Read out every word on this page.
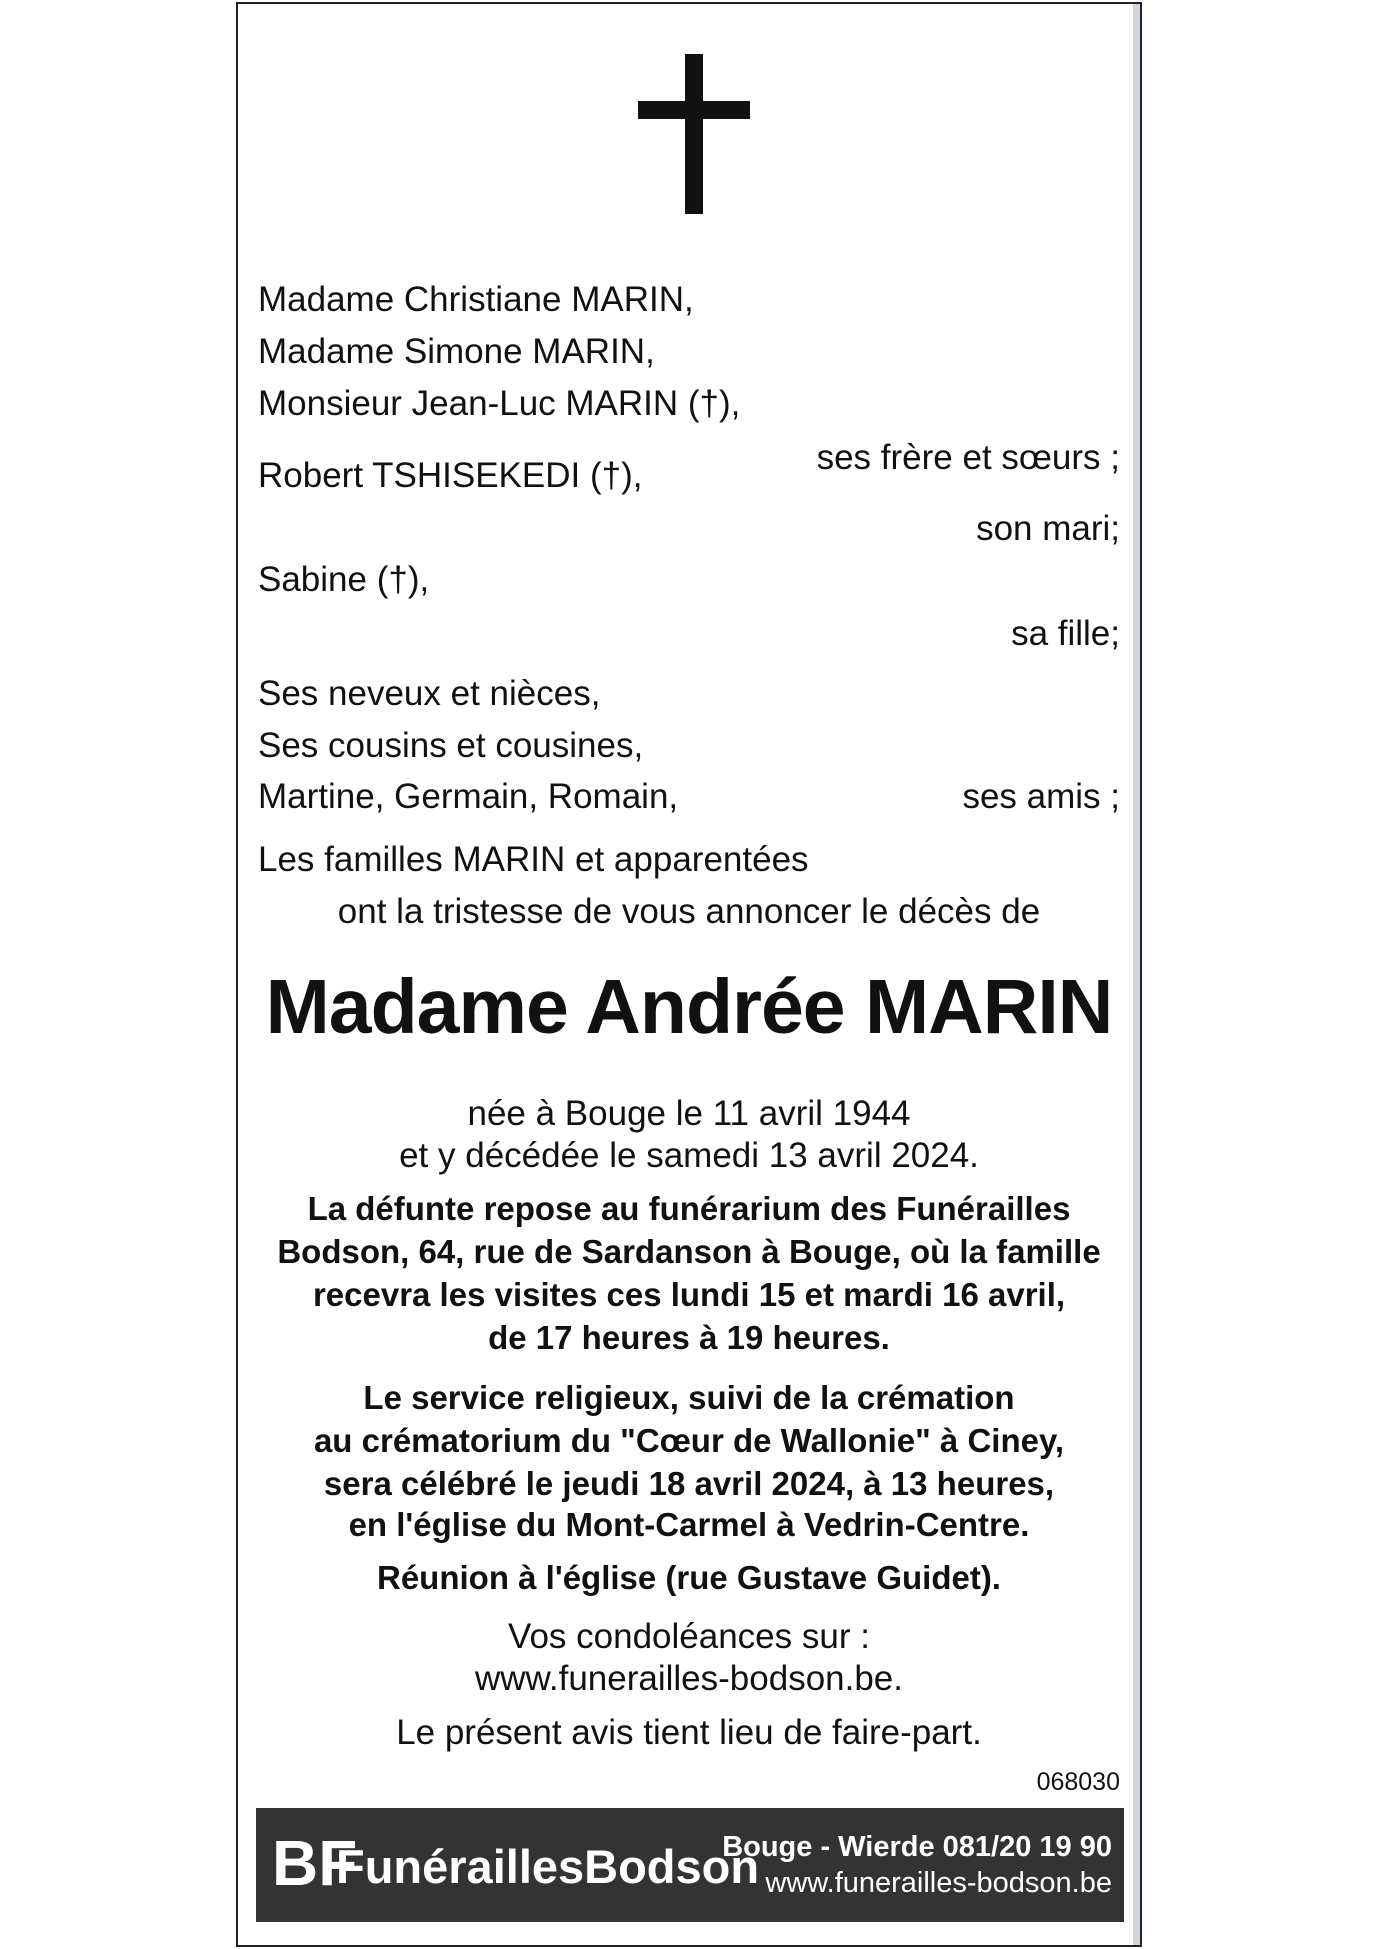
Madame Christiane MARIN,
Madame Simone MARIN,
Monsieur Jean-Luc MARIN (†),
ses frère et sœurs ;
Robert TSHISEKEDI (†),
son mari;
Sabine (†),
sa fille;
Ses neveux et nièces,
Ses cousins et cousines,
Martine, Germain, Romain,	ses amis ;
Les familles MARIN et apparentées
ont la tristesse de vous annoncer le décès de
Madame Andrée MARIN
née à Bouge le 11 avril 1944
et y décédée le samedi 13 avril 2024.
La défunte repose au funérarium des Funérailles
Bodson, 64, rue de Sardanson à Bouge, où la famille
recevra les visites ces lundi 15 et mardi 16 avril,
de 17 heures à 19 heures.
Le service religieux, suivi de la crémation
au crématorium du "Cœur de Wallonie" à Ciney,
sera célébré le jeudi 18 avril 2024, à 13 heures,
en l'église du Mont-Carmel à Vedrin-Centre.
Réunion à l'église (rue Gustave Guidet).
Vos condoléances sur :
www.funerailles-bodson.be.
Le présent avis tient lieu de faire-part.
068030
BF
FunéraillesBodson
Bouge - Wierde 081/20 19 90
www.funerailles-bodson.be
